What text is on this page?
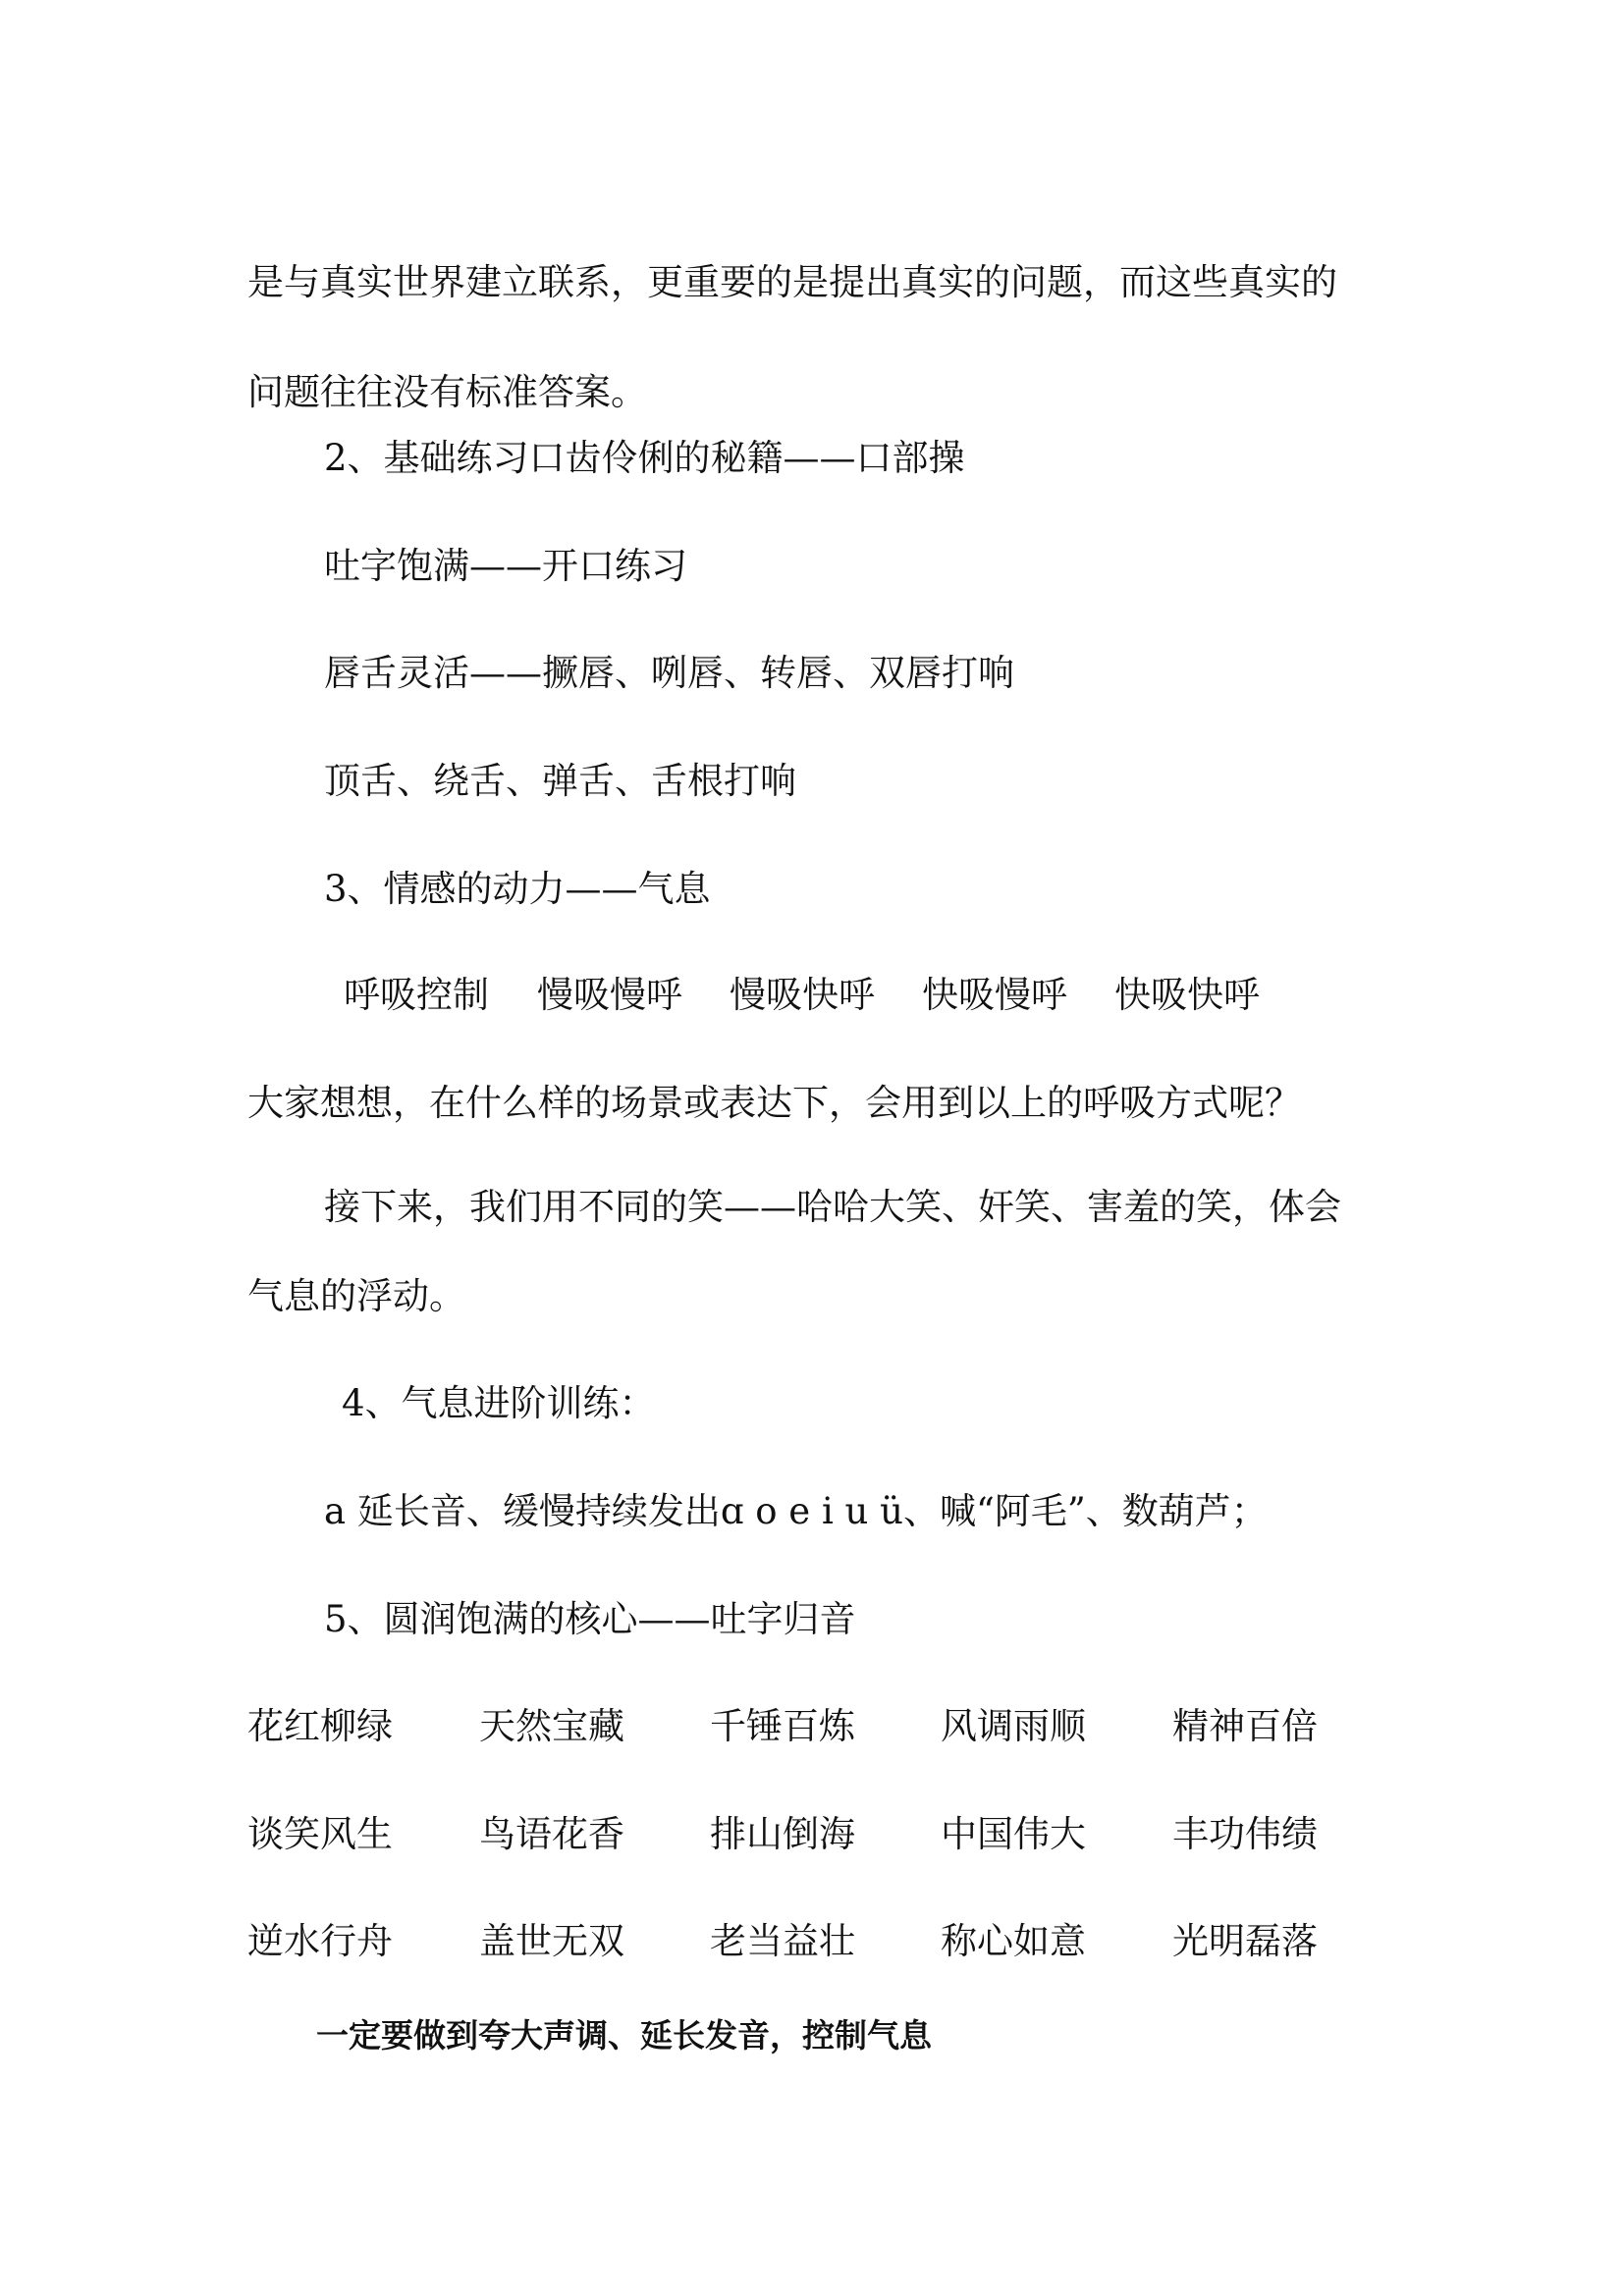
是与真实世界建立联系，更重要的是提出真实的问题，而这些真实的
问题往往没有标准答案。
2、基础练习口齿伶俐的秘籍——口部操
吐字饱满——开口练习
唇舌灵活——撅唇、咧唇、转唇、双唇打响
顶舌、绕舌、弹舌、舌根打响
3、情感的动力——气息
呼吸控制 慢吸慢呼 慢吸快呼 快吸慢呼 快吸快呼
大家想想，在什么样的场景或表达下，会用到以上的呼吸方式呢？
接下来，我们用不同的笑——哈哈大笑、奸笑、害羞的笑，体会
气息的浮动。
4、气息进阶训练：
a 延长音、缓慢持续发出ɑ o e i u ü、喊“阿毛”、数葫芦；
5、圆润饱满的核心——吐字归音
花红柳绿 天然宝藏 千锤百炼 风调雨顺 精神百倍
谈笑风生 鸟语花香 排山倒海 中国伟大 丰功伟绩
逆水行舟 盖世无双 老当益壮 称心如意 光明磊落
一定要做到夸大声调、延长发音，控制气息
